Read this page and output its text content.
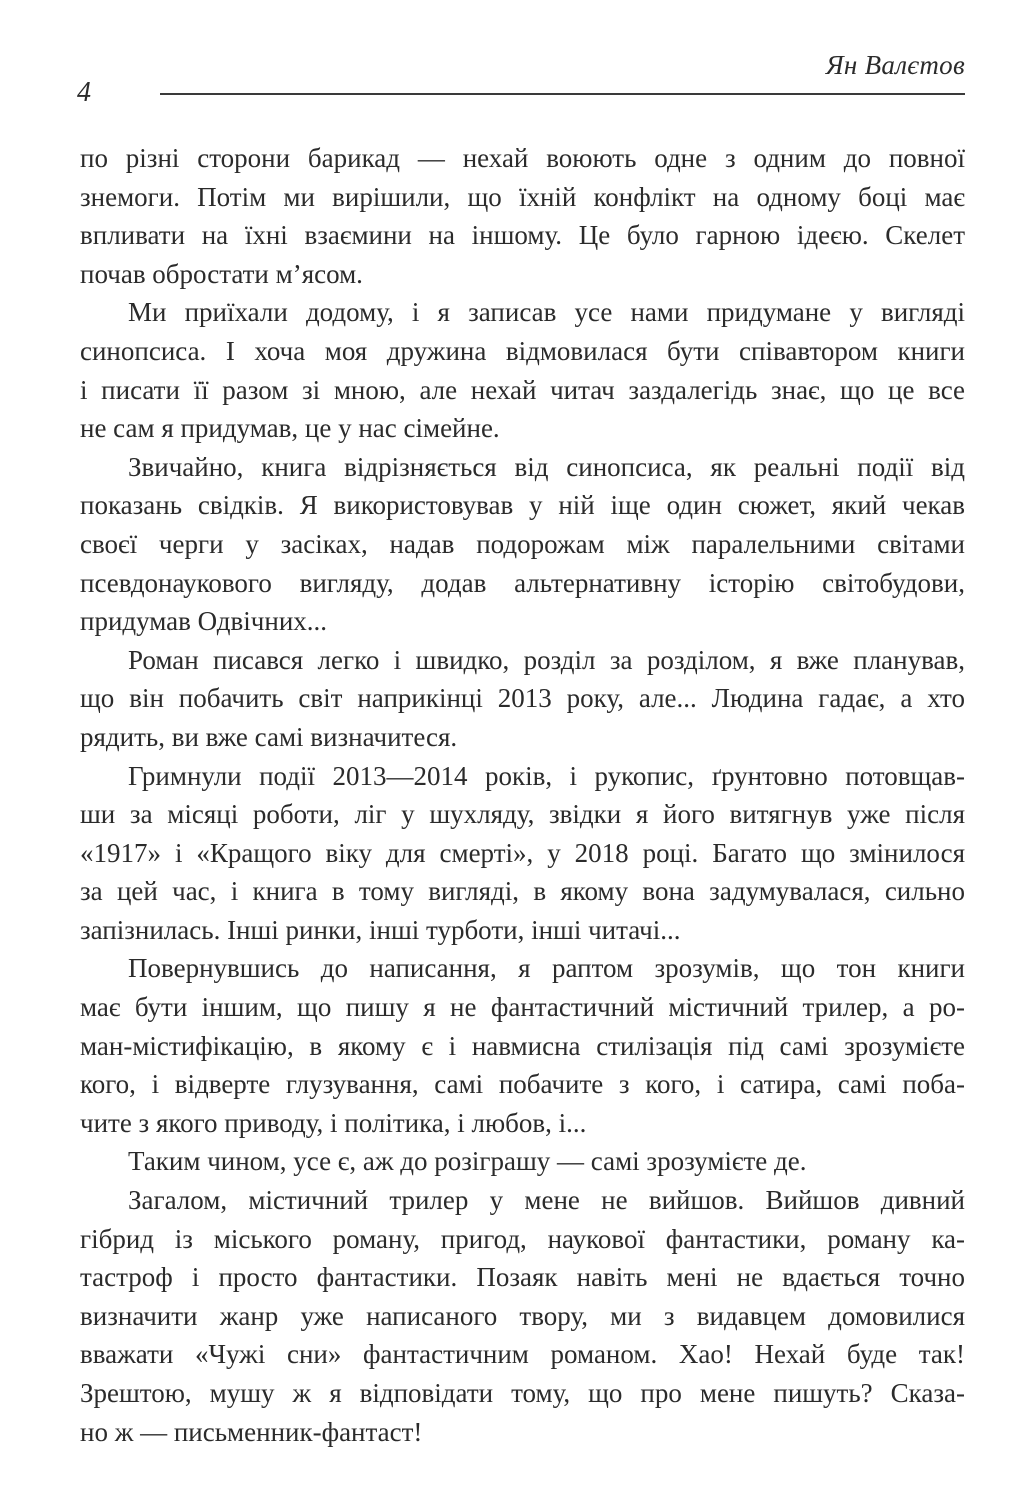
Ян Валєтов
4
по різні сторони барикад — нехай воюють одне з одним до повної
знемоги. Потім ми вирішили, що їхній конфлікт на одному боці має
впливати на їхні взаємини на іншому. Це було гарною ідеєю. Скелет
почав обростати м’ясом.
Ми приїхали додому, і я записав усе нами придумане у вигляді
синопсиса. І хоча моя дружина відмовилася бути співавтором книги
і писати її разом зі мною, але нехай читач заздалегідь знає, що це все
не сам я придумав, це у нас сімейне.
Звичайно, книга відрізняється від синопсиса, як реальні події від
показань свідків. Я використовував у ній іще один сюжет, який чекав
своєї черги у засіках, надав подорожам між паралельними світами
псевдонаукового вигляду, додав альтернативну історію світобудови,
придумав Одвічних...
Роман писався легко і швидко, розділ за розділом, я вже планував,
що він побачить світ наприкінці 2013 року, але... Людина гадає, а хто
рядить, ви вже самі визначитеся.
Гримнули події 2013—2014 років, і рукопис, ґрунтовно потовщав-
ши за місяці роботи, ліг у шухляду, звідки я його витягнув уже після
«1917» і «Кращого віку для смерті», у 2018 році. Багато що змінилося
за цей час, і книга в тому вигляді, в якому вона задумувалася, сильно
запізнилась. Інші ринки, інші турботи, інші читачі...
Повернувшись до написання, я раптом зрозумів, що тон книги
має бути іншим, що пишу я не фантастичний містичний трилер, а ро-
ман-містифікацію, в якому є і навмисна стилізація під самі зрозумієте
кого, і відверте глузування, самі побачите з кого, і сатира, самі поба-
чите з якого приводу, і політика, і любов, і...
Таким чином, усе є, аж до розіграшу — самі зрозумієте де.
Загалом, містичний трилер у мене не вийшов. Вийшов дивний
гібрид із міського роману, пригод, наукової фантастики, роману ка-
тастроф і просто фантастики. Позаяк навіть мені не вдається точно
визначити жанр уже написаного твору, ми з видавцем домовилися
вважати «Чужі сни» фантастичним романом. Хао! Нехай буде так!
Зрештою, мушу ж я відповідати тому, що про мене пишуть? Сказа-
но ж — письменник-фантаст!
